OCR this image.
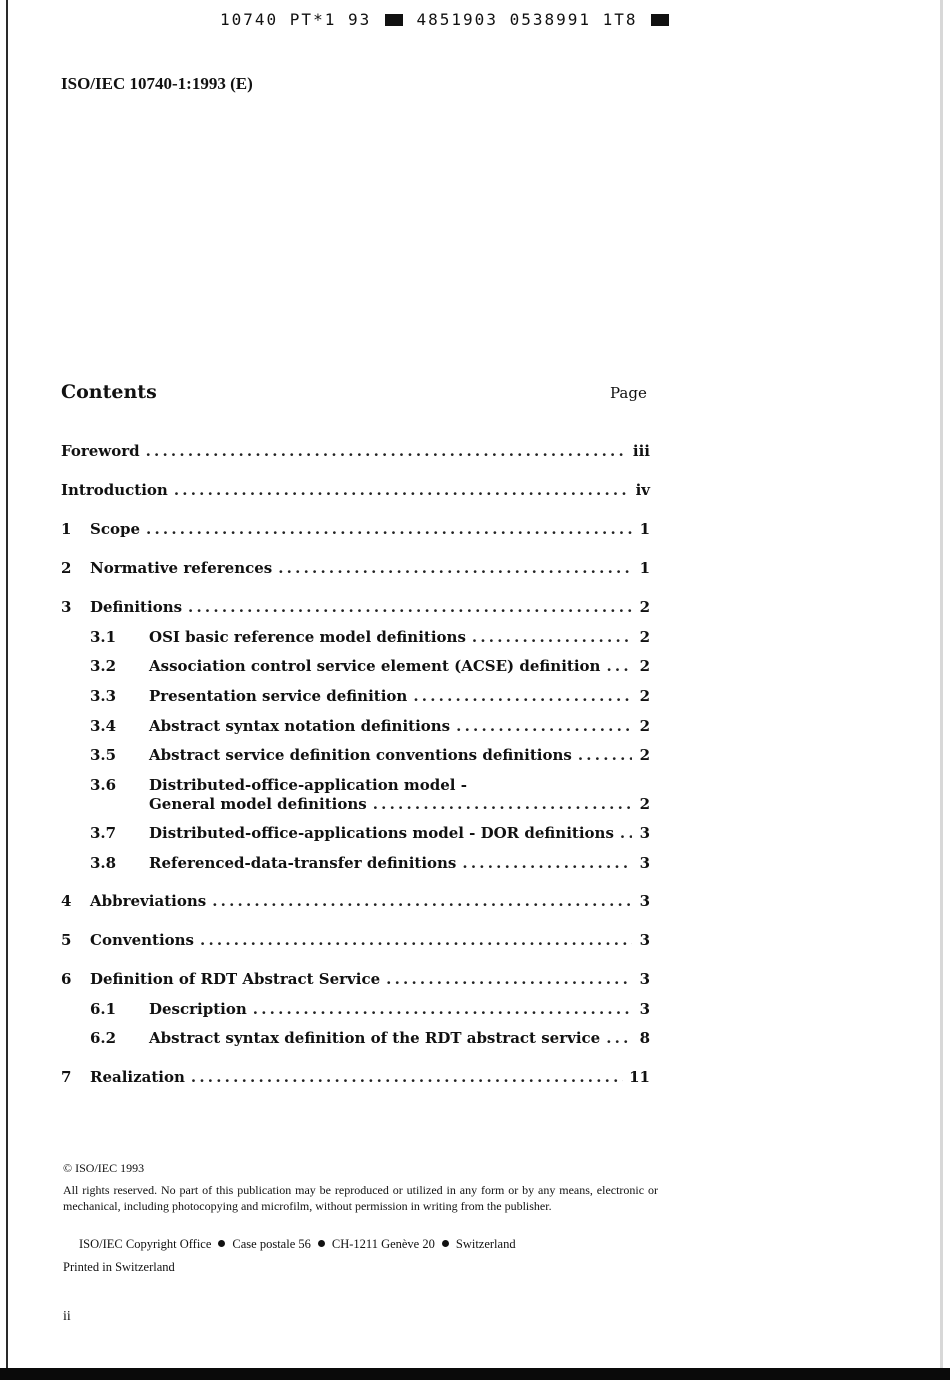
10740 PT*1 93	4851903 0538991 1T8
ISO/IEC 10740-1:1993 (E)
Contents	Page
Foreword . . .	iii
Introduction . . .	iv
1	Scope . . .	1
2	Normative references . . .	1
3	Definitions . . .	2
3.1	OSI basic reference model definitions . . .	2
3.2	Association control service element (ACSE) definition . . .	2
3.3	Presentation service definition . . .	2
3.4	Abstract syntax notation definitions . . .	2
3.5	Abstract service definition conventions definitions . . .	2
3.6	Distributed-office-application model -
General model definitions . . .	2
3.7	Distributed-office-applications model - DOR definitions . . . 3
3.8	Referenced-data-transfer definitions . . .	3
4	Abbreviations . . .	3
5	Conventions . . .	3
6	Definition of RDT Abstract Service . . .	3
6.1	Description . . .	3
6.2	Abstract syntax definition of the RDT abstract service . . .	8
7	Realization . . .	11
© ISO/IEC 1993
All rights reserved. No part of this publication may be reproduced or utilized in any form or by any means, electronic or mechanical, including photocopying and microfilm, without permission in writing from the publisher.
ISO/IEC Copyright Office Case postale 56 CH-1211 Genève 20 Switzerland
Printed in Switzerland
ii
